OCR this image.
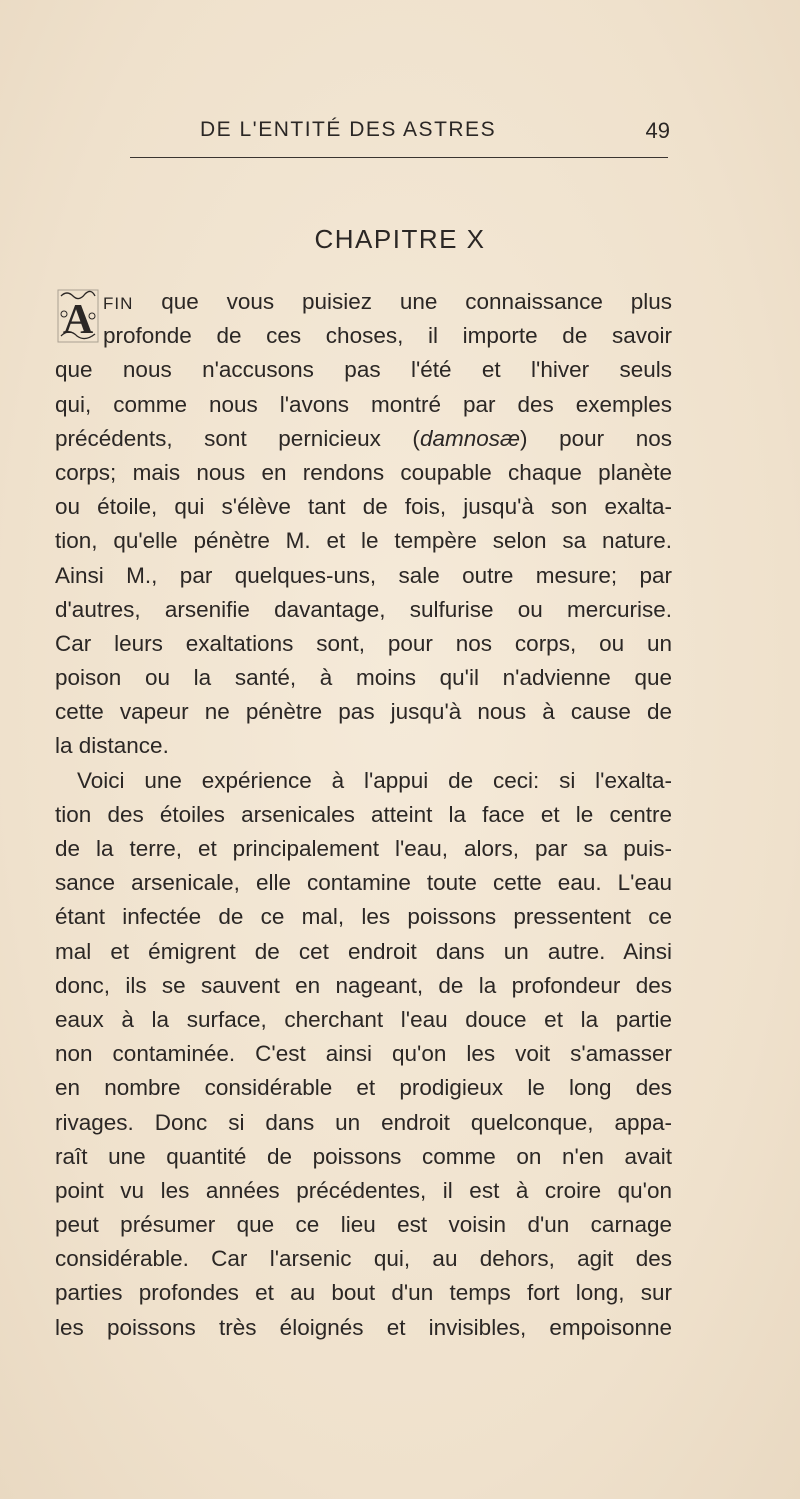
DE L'ENTITÉ DES ASTRES	49
CHAPITRE X
A FIN que vous puisiez une connaissance plus
profonde de ces choses, il importe de savoir
que nous n'accusons pas l'été et l'hiver seuls
qui, comme nous l'avons montré par des exemples
précédents, sont pernicieux (damnosæ) pour nos
corps; mais nous en rendons coupable chaque planète
ou étoile, qui s'élève tant de fois, jusqu'à son exalta-
tion, qu'elle pénètre M. et le tempère selon sa nature.
Ainsi M., par quelques-uns, sale outre mesure; par
d'autres, arsenifie davantage, sulfurise ou mercurise.
Car leurs exaltations sont, pour nos corps, ou un
poison ou la santé, à moins qu'il n'advienne que
cette vapeur ne pénètre pas jusqu'à nous à cause de
la distance.

Voici une expérience à l'appui de ceci: si l'exalta-
tion des étoiles arsenicales atteint la face et le centre
de la terre, et principalement l'eau, alors, par sa puis-
sance arsenicale, elle contamine toute cette eau. L'eau
étant infectée de ce mal, les poissons pressentent ce
mal et émigrent de cet endroit dans un autre. Ainsi
donc, ils se sauvent en nageant, de la profondeur des
eaux à la surface, cherchant l'eau douce et la partie
non contaminée. C'est ainsi qu'on les voit s'amasser
en nombre considérable et prodigieux le long des
rivages. Donc si dans un endroit quelconque, appa-
raît une quantité de poissons comme on n'en avait
point vu les années précédentes, il est à croire qu'on
peut présumer que ce lieu est voisin d'un carnage
considérable. Car l'arsenic qui, au dehors, agit des
parties profondes et au bout d'un temps fort long, sur
les poissons très éloignés et invisibles, empoisonne
